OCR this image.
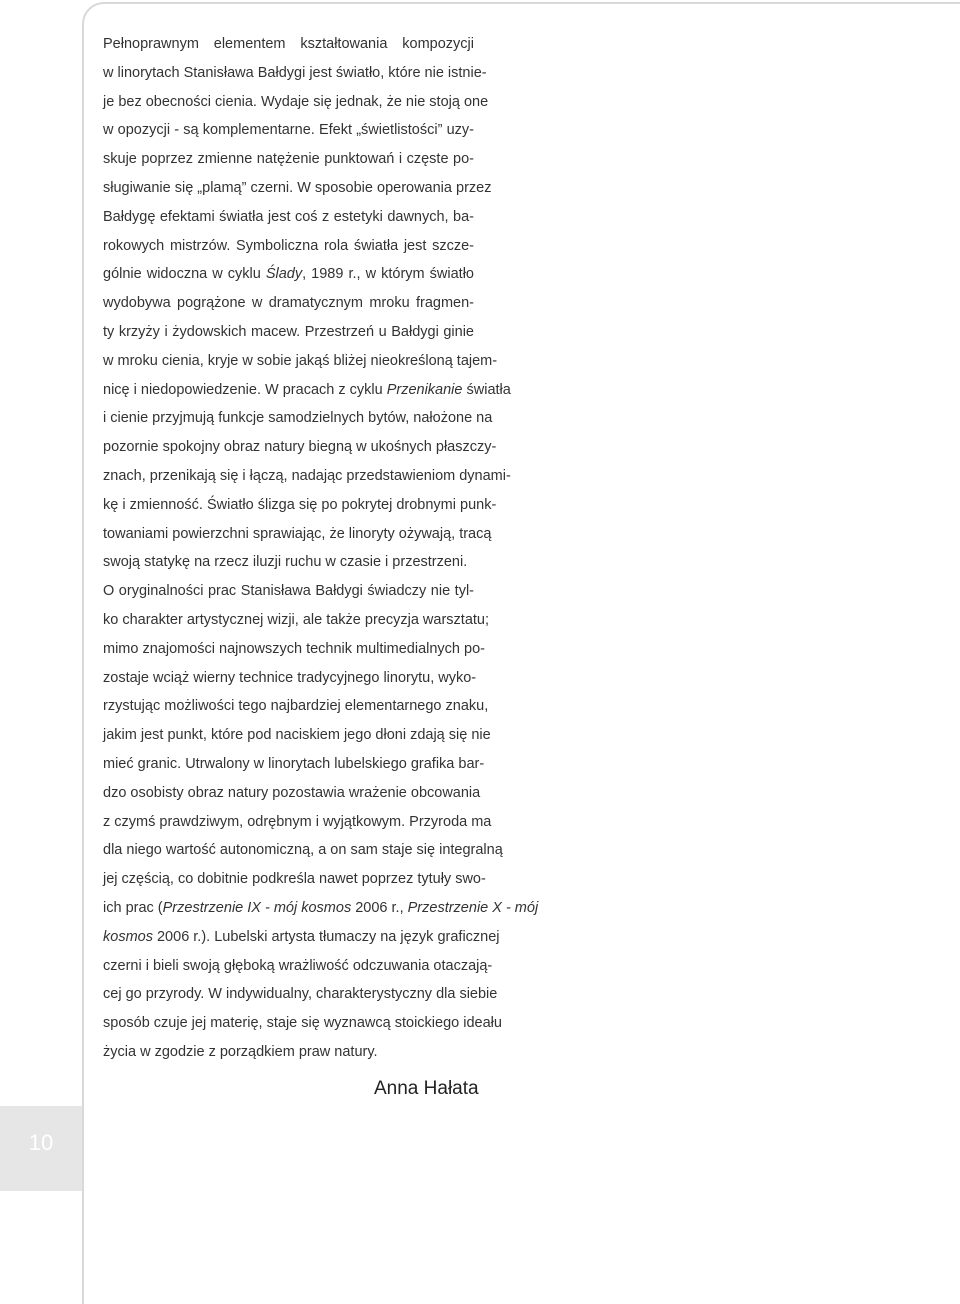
10

Pełnoprawnym elementem kształtowania kompozycji
w linorytach Stanisława Bałdygi jest światło, które nie istnie-
je bez obecności cienia. Wydaje się jednak, że nie stoją one
w opozycji - są komplementarne. Efekt „świetlistości” uzy-
skuje poprzez zmienne natężenie punktowań i częste po-
sługiwanie się „plamą” czerni. W sposobie operowania przez
Bałdygę efektami światła jest coś z estetyki dawnych, ba-
rokowych mistrzów. Symboliczna rola światła jest szcze-
gólnie widoczna w cyklu Ślady, 1989 r., w którym światło
wydobywa pogrążone w dramatycznym mroku fragmen-
ty krzyży i żydowskich macew. Przestrzeń u Bałdygi ginie
w mroku cienia, kryje w sobie jakąś bliżej nieokreśloną tajem-
nicę i niedopowiedzenie. W pracach z cyklu Przenikanie światła
i cienie przyjmują funkcje samodzielnych bytów, nałożone na
pozornie spokojny obraz natury biegną w ukośnych płaszczy-
znach, przenikają się i łączą, nadając przedstawieniom dynami-
kę i zmienność. Światło ślizga się po pokrytej drobnymi punk-
towaniami powierzchni sprawiając, że linoryty ożywają, tracą
swoją statykę na rzecz iluzji ruchu w czasie i przestrzeni.

O oryginalności prac Stanisława Bałdygi świadczy nie tyl-
ko charakter artystycznej wizji, ale także precyzja warsztatu;
mimo znajomości najnowszych technik multimedialnych po-
zostaje wciąż wierny technice tradycyjnego linorytu, wyko-
rzystując możliwości tego najbardziej elementarnego znaku,
jakim jest punkt, które pod naciskiem jego dłoni zdają się nie
mieć granic. Utrwalony w linorytach lubelskiego grafika bar-
dzo osobisty obraz natury pozostawia wrażenie obcowania
z czymś prawdziwym, odrębnym i wyjątkowym. Przyroda ma
dla niego wartość autonomiczną, a on sam staje się integralną
jej częścią, co dobitnie podkreśla nawet poprzez tytuły swo-
ich prac (Przestrzenie IX - mój kosmos 2006 r., Przestrzenie X - mój
kosmos 2006 r.). Lubelski artysta tłumaczy na język graficznej
czerni i bieli swoją głęboką wrażliwość odczuwania otaczają-
cej go przyrody. W indywidualny, charakterystyczny dla siebie
sposób czuje jej materię, staje się wyznawcą stoickiego ideału
życia w zgodzie z porządkiem praw natury.

Anna Hałata
